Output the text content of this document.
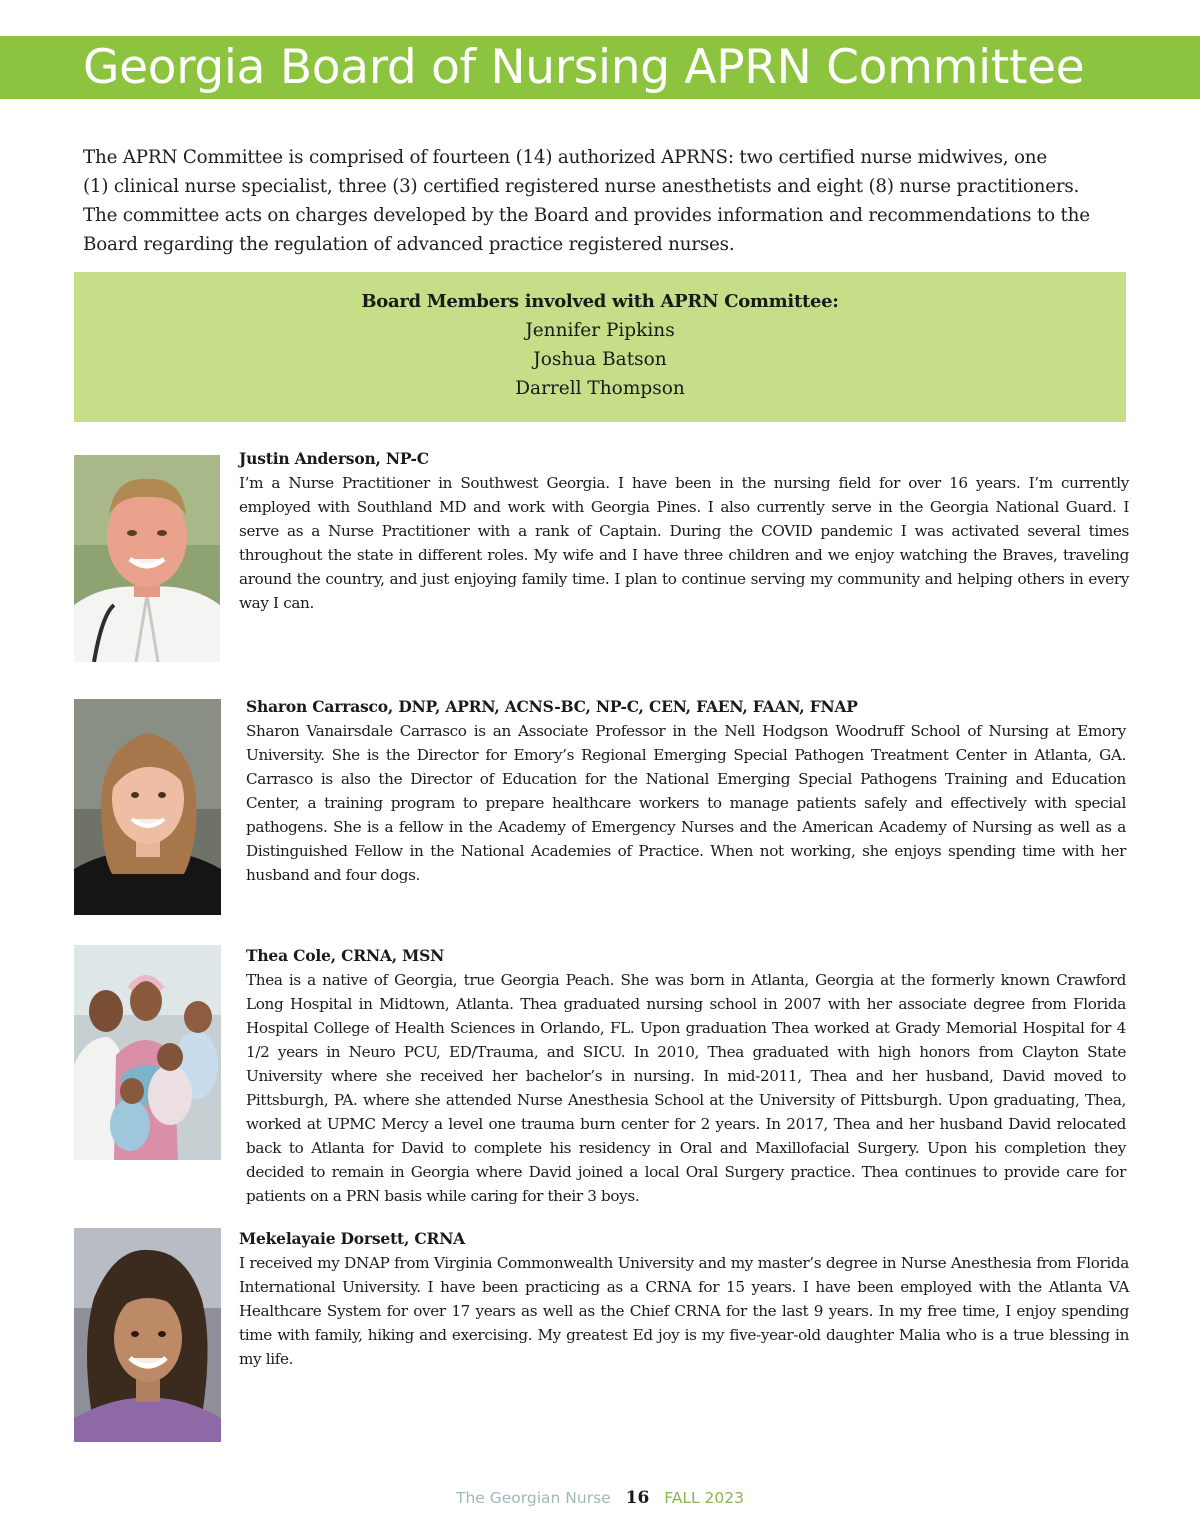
Georgia Board of Nursing APRN Committee

The APRN Committee is comprised of fourteen (14) authorized APRNS: two certified nurse midwives, one
(1) clinical nurse specialist, three (3) certified registered nurse anesthetists and eight (8) nurse practitioners.
The committee acts on charges developed by the Board and provides information and recommendations to the
Board regarding the regulation of advanced practice registered nurses.

Board Members involved with APRN Committee:
Jennifer Pipkins
Joshua Batson
Darrell Thompson
Justin Anderson, NP-C

I’m a Nurse Practitioner in Southwest Georgia. I have been in the nursing field for over 16 years. I’m currently employed with Southland MD and work with Georgia Pines. I also currently serve in the Georgia National Guard. I serve as a Nurse Practitioner with a rank of Captain. During the COVID pandemic I was activated several times throughout the state in different roles. My wife and I have three children and we enjoy watching the Braves, traveling around the country, and just enjoying family time. I plan to continue serving my community and helping others in every way I can.

Sharon Carrasco, DNP, APRN, ACNS-BC, NP-C, CEN, FAEN, FAAN, FNAP

Sharon Vanairsdale Carrasco is an Associate Professor in the Nell Hodgson Woodruff School of Nursing at Emory University. She is the Director for Emory’s Regional Emerging Special Pathogen Treatment Center in Atlanta, GA. Carrasco is also the Director of Education for the National Emerging Special Pathogens Training and Education Center, a training program to prepare healthcare workers to manage patients safely and effectively with special pathogens. She is a fellow in the Academy of Emergency Nurses and the American Academy of Nursing as well as a Distinguished Fellow in the National Academies of Practice. When not working, she enjoys spending time with her husband and four dogs.

Thea Cole, CRNA, MSN

Thea is a native of Georgia, true Georgia Peach. She was born in Atlanta, Georgia at the formerly known Crawford Long Hospital in Midtown, Atlanta. Thea graduated nursing school in 2007 with her associate degree from Florida Hospital College of Health Sciences in Orlando, FL. Upon graduation Thea worked at Grady Memorial Hospital for 4 1/2 years in Neuro PCU, ED/Trauma, and SICU. In 2010, Thea graduated with high honors from Clayton State University where she received her bachelor’s in nursing. In mid-2011, Thea and her husband, David moved to Pittsburgh, PA. where she attended Nurse Anesthesia School at the University of Pittsburgh. Upon graduating, Thea, worked at UPMC Mercy a level one trauma burn center for 2 years. In 2017, Thea and her husband David relocated back to Atlanta for David to complete his residency in Oral and Maxillofacial Surgery. Upon his completion they decided to remain in Georgia where David joined a local Oral Surgery practice. Thea continues to provide care for patients on a PRN basis while caring for their 3 boys.

Mekelayaie Dorsett, CRNA

I received my DNAP from Virginia Commonwealth University and my master’s degree in Nurse Anesthesia from Florida International University. I have been practicing as a CRNA for 15 years. I have been employed with the Atlanta VA Healthcare System for over 17 years as well as the Chief CRNA for the last 9 years. In my free time, I enjoy spending time with family, hiking and exercising. My greatest Ed joy is my five-year-old daughter Malia who is a true blessing in my life.

The Georgian Nurse 16 FALL 2023
